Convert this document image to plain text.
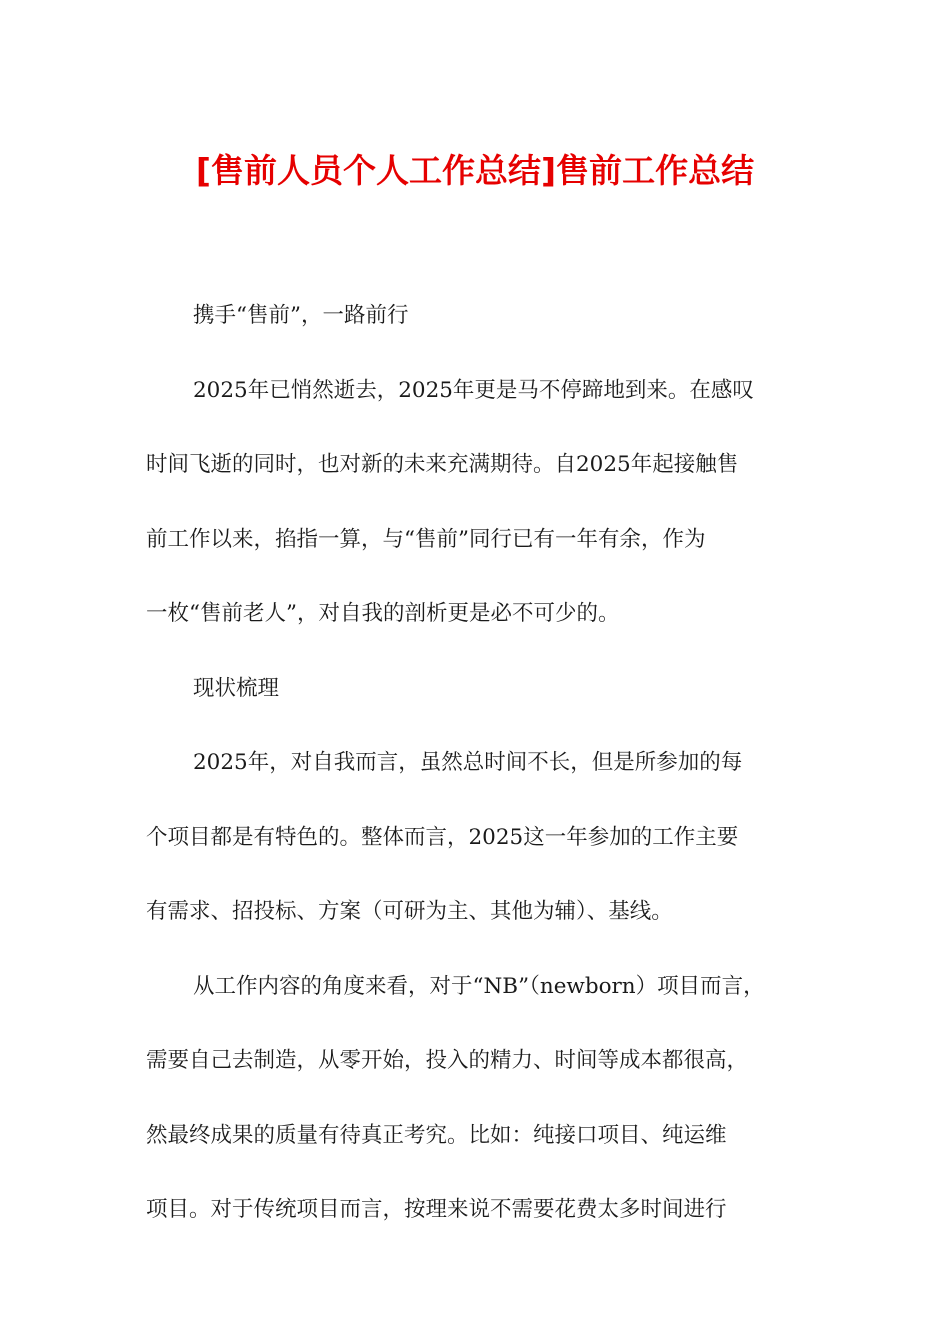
[售前人员个人工作总结]售前工作总结
携手“售前”，一路前行
2025年已悄然逝去，2025年更是马不停蹄地到来。在感叹
时间飞逝的同时，也对新的未来充满期待。自2025年起接触售
前工作以来，掐指一算，与“售前”同行已有一年有余，作为
一枚“售前老人”，对自我的剖析更是必不可少的。
现状梳理
2025年，对自我而言，虽然总时间不长，但是所参加的每
个项目都是有特色的。整体而言，2025这一年参加的工作主要
有需求、招投标、方案（可研为主、其他为辅）、基线。
从工作内容的角度来看，对于“NB”（newborn）项目而言，
需要自己去制造，从零开始，投入的精力、时间等成本都很高，
然最终成果的质量有待真正考究。比如：纯接口项目、纯运维
项目。对于传统项目而言，按理来说不需要花费太多时间进行
